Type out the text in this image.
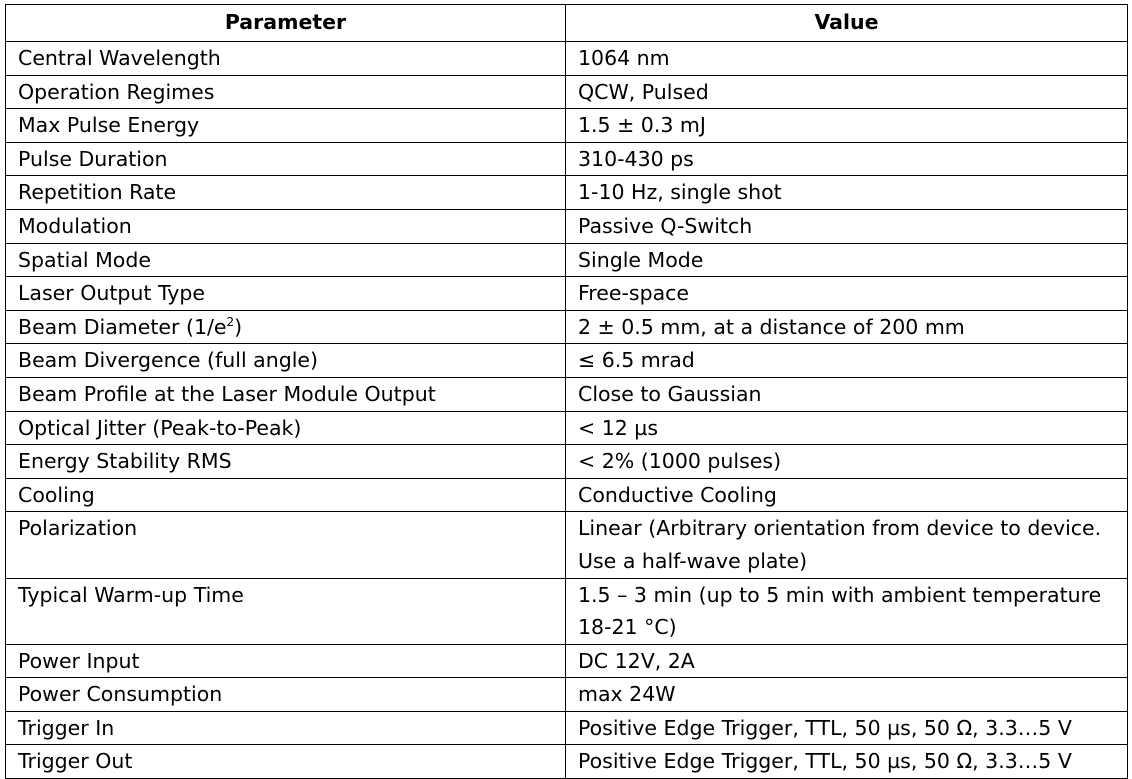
Parameter	Value
Central Wavelength	1064 nm
Operation Regimes	QCW, Pulsed
Max Pulse Energy	1.5 ± 0.3 mJ
Pulse Duration	310-430 ps
Repetition Rate	1-10 Hz, single shot
Modulation	Passive Q-Switch
Spatial Mode	Single Mode
Laser Output Type	Free-space
Beam Diameter $(1/e^2)$	2 ± 0.5 mm, at a distance of 200 mm
Beam Divergence (full angle)	≤ 6.5 mrad
Beam Profile at the Laser Module Output	Close to Gaussian
Optical Jitter (Peak-to-Peak)	< 12 µs
Energy Stability RMS	< 2% (1000 pulses)
Cooling	Conductive Cooling
Polarization	Linear (Arbitrary orientation from device to device. Use a half-wave plate)
Typical Warm-up Time	1.5 – 3 min (up to 5 min with ambient temperature 18-21 °C)
Power Input	DC 12V, 2A
Power Consumption	max 24W
Trigger In	Positive Edge Trigger, TTL, 50 µs, 50 Ω, 3.3…5 V
Trigger Out	Positive Edge Trigger, TTL, 50 µs, 50 Ω, 3.3…5 V
